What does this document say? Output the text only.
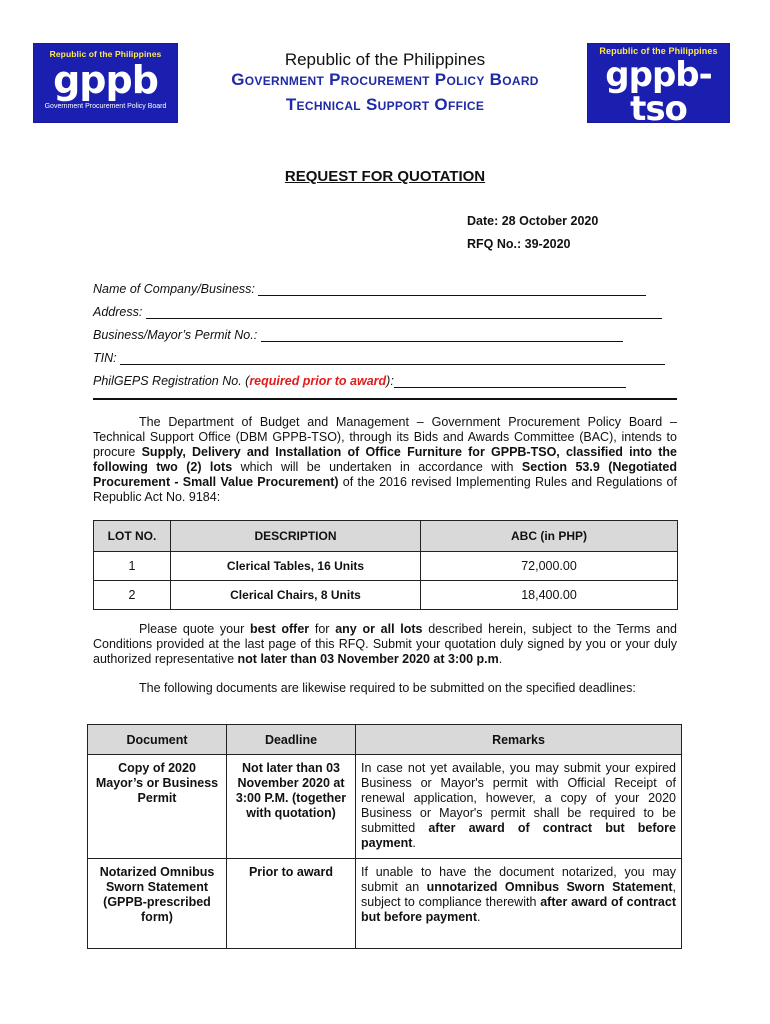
Republic of the Philippines
gppb
Government Procurement Policy Board
Republic of the Philippines
gppb-tso
Government Procurement Policy Board
Technical Support Office
Republic of the Philippines
Government Procurement Policy Board
Technical Support Office
REQUEST FOR QUOTATION
Date: 28 October 2020
RFQ No.: 39-2020
Name of Company/Business:
Address:
Business/Mayor’s Permit No.:
TIN:
PhilGEPS Registration No. (required prior to award):
The Department of Budget and Management – Government Procurement Policy Board – Technical Support Office (DBM GPPB-TSO), through its Bids and Awards Committee (BAC), intends to procure Supply, Delivery and Installation of Office Furniture for GPPB-TSO, classified into the following two (2) lots which will be undertaken in accordance with Section 53.9 (Negotiated Procurement - Small Value Procurement) of the 2016 revised Implementing Rules and Regulations of Republic Act No. 9184:
LOT NO.	DESCRIPTION	ABC (in PHP)
1	Clerical Tables, 16 Units	72,000.00
2	Clerical Chairs, 8 Units	18,400.00
Please quote your best offer for any or all lots described herein, subject to the Terms and Conditions provided at the last page of this RFQ. Submit your quotation duly signed by you or your duly authorized representative not later than 03 November 2020 at 3:00 p.m.
The following documents are likewise required to be submitted on the specified deadlines:
Document	Deadline	Remarks
Copy of 2020 Mayor’s or Business Permit	Not later than 03 November 2020 at 3:00 P.M. (together with quotation)	In case not yet available, you may submit your expired Business or Mayor's permit with Official Receipt of renewal application, however, a copy of your 2020 Business or Mayor's permit shall be required to be submitted after award of contract but before payment.
Notarized Omnibus Sworn Statement (GPPB-prescribed form)	Prior to award	If unable to have the document notarized, you may submit an unnotarized Omnibus Sworn Statement, subject to compliance therewith after award of contract but before payment.
